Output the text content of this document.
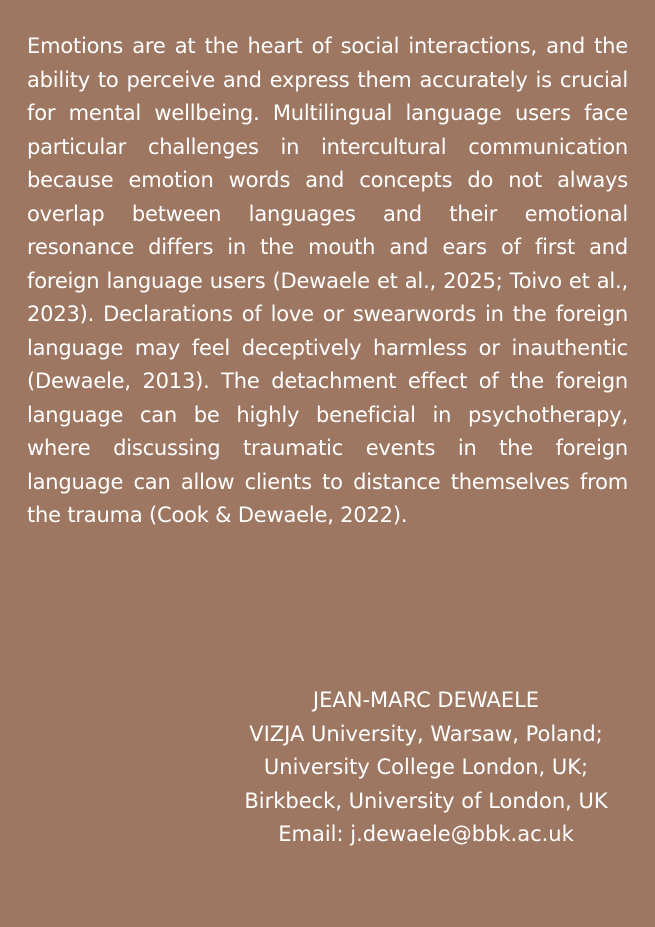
Emotions are at the heart of social interactions, and the ability to perceive and express them accurately is crucial for mental wellbeing. Multilingual language users face particular challenges in intercultural communication because emotion words and concepts do not always overlap between languages and their emotional resonance differs in the mouth and ears of first and foreign language users (Dewaele et al., 2025; Toivo et al., 2023). Declarations of love or swearwords in the foreign language may feel deceptively harmless or inauthentic (Dewaele, 2013). The detachment effect of the foreign language can be highly beneficial in psychotherapy, where discussing traumatic events in the foreign language can allow clients to distance themselves from the trauma (Cook & Dewaele, 2022).

JEAN-MARC DEWAELE
VIZJA University, Warsaw, Poland;
University College London, UK;
Birkbeck, University of London, UK
Email: j.dewaele@bbk.ac.uk
